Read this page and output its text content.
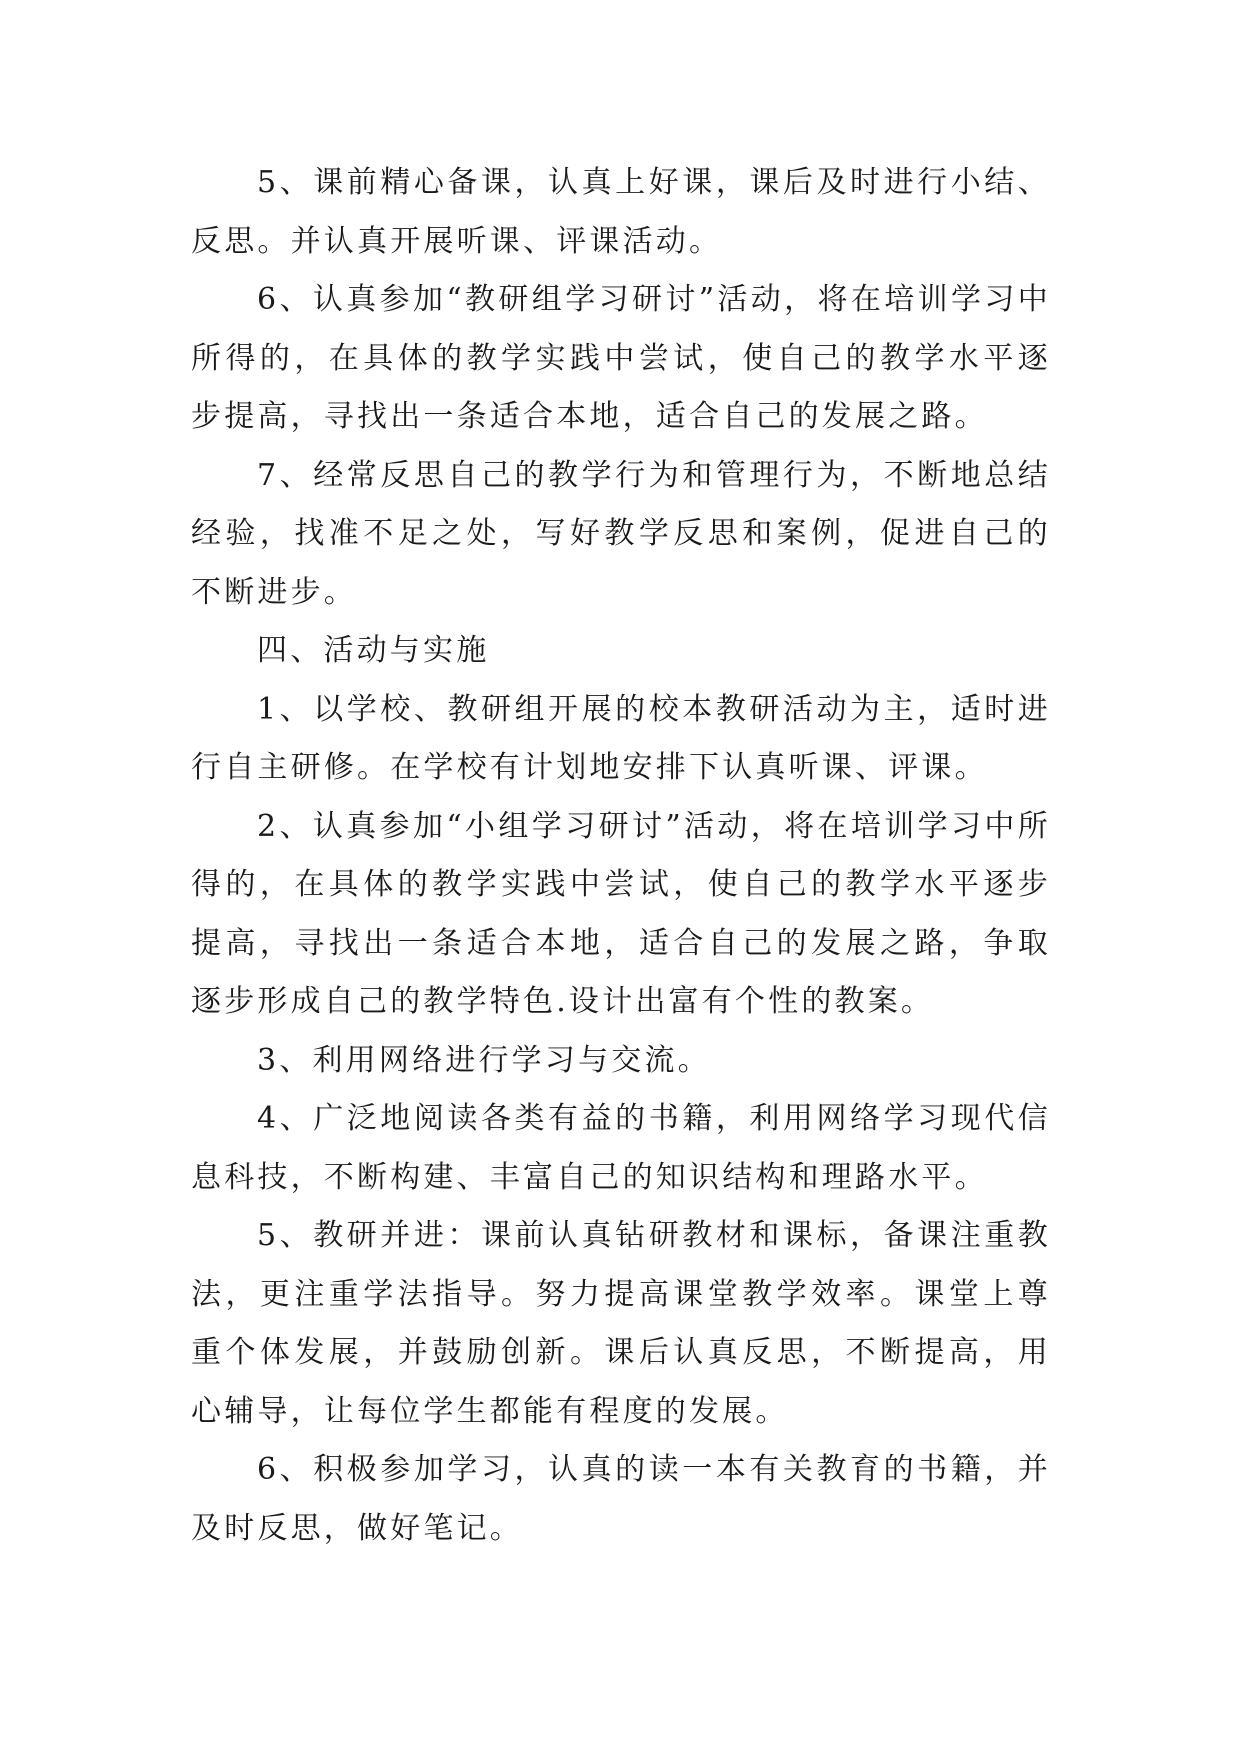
5、课前精心备课，认真上好课，课后及时进行小结、反思。并认真开展听课、评课活动。

6、认真参加“教研组学习研讨”活动，将在培训学习中所得的，在具体的教学实践中尝试，使自己的教学水平逐步提高，寻找出一条适合本地，适合自己的发展之路。

7、经常反思自己的教学行为和管理行为，不断地总结经验，找准不足之处，写好教学反思和案例，促进自己的不断进步。

四、活动与实施

1、以学校、教研组开展的校本教研活动为主，适时进行自主研修。在学校有计划地安排下认真听课、评课。

2、认真参加“小组学习研讨”活动，将在培训学习中所得的，在具体的教学实践中尝试，使自己的教学水平逐步提高，寻找出一条适合本地，适合自己的发展之路，争取逐步形成自己的教学特色.设计出富有个性的教案。

3、利用网络进行学习与交流。

4、广泛地阅读各类有益的书籍，利用网络学习现代信息科技，不断构建、丰富自己的知识结构和理路水平。

5、教研并进：课前认真钻研教材和课标，备课注重教法，更注重学法指导。努力提高课堂教学效率。课堂上尊重个体发展，并鼓励创新。课后认真反思，不断提高，用心辅导，让每位学生都能有程度的发展。

6、积极参加学习，认真的读一本有关教育的书籍，并及时反思，做好笔记。
